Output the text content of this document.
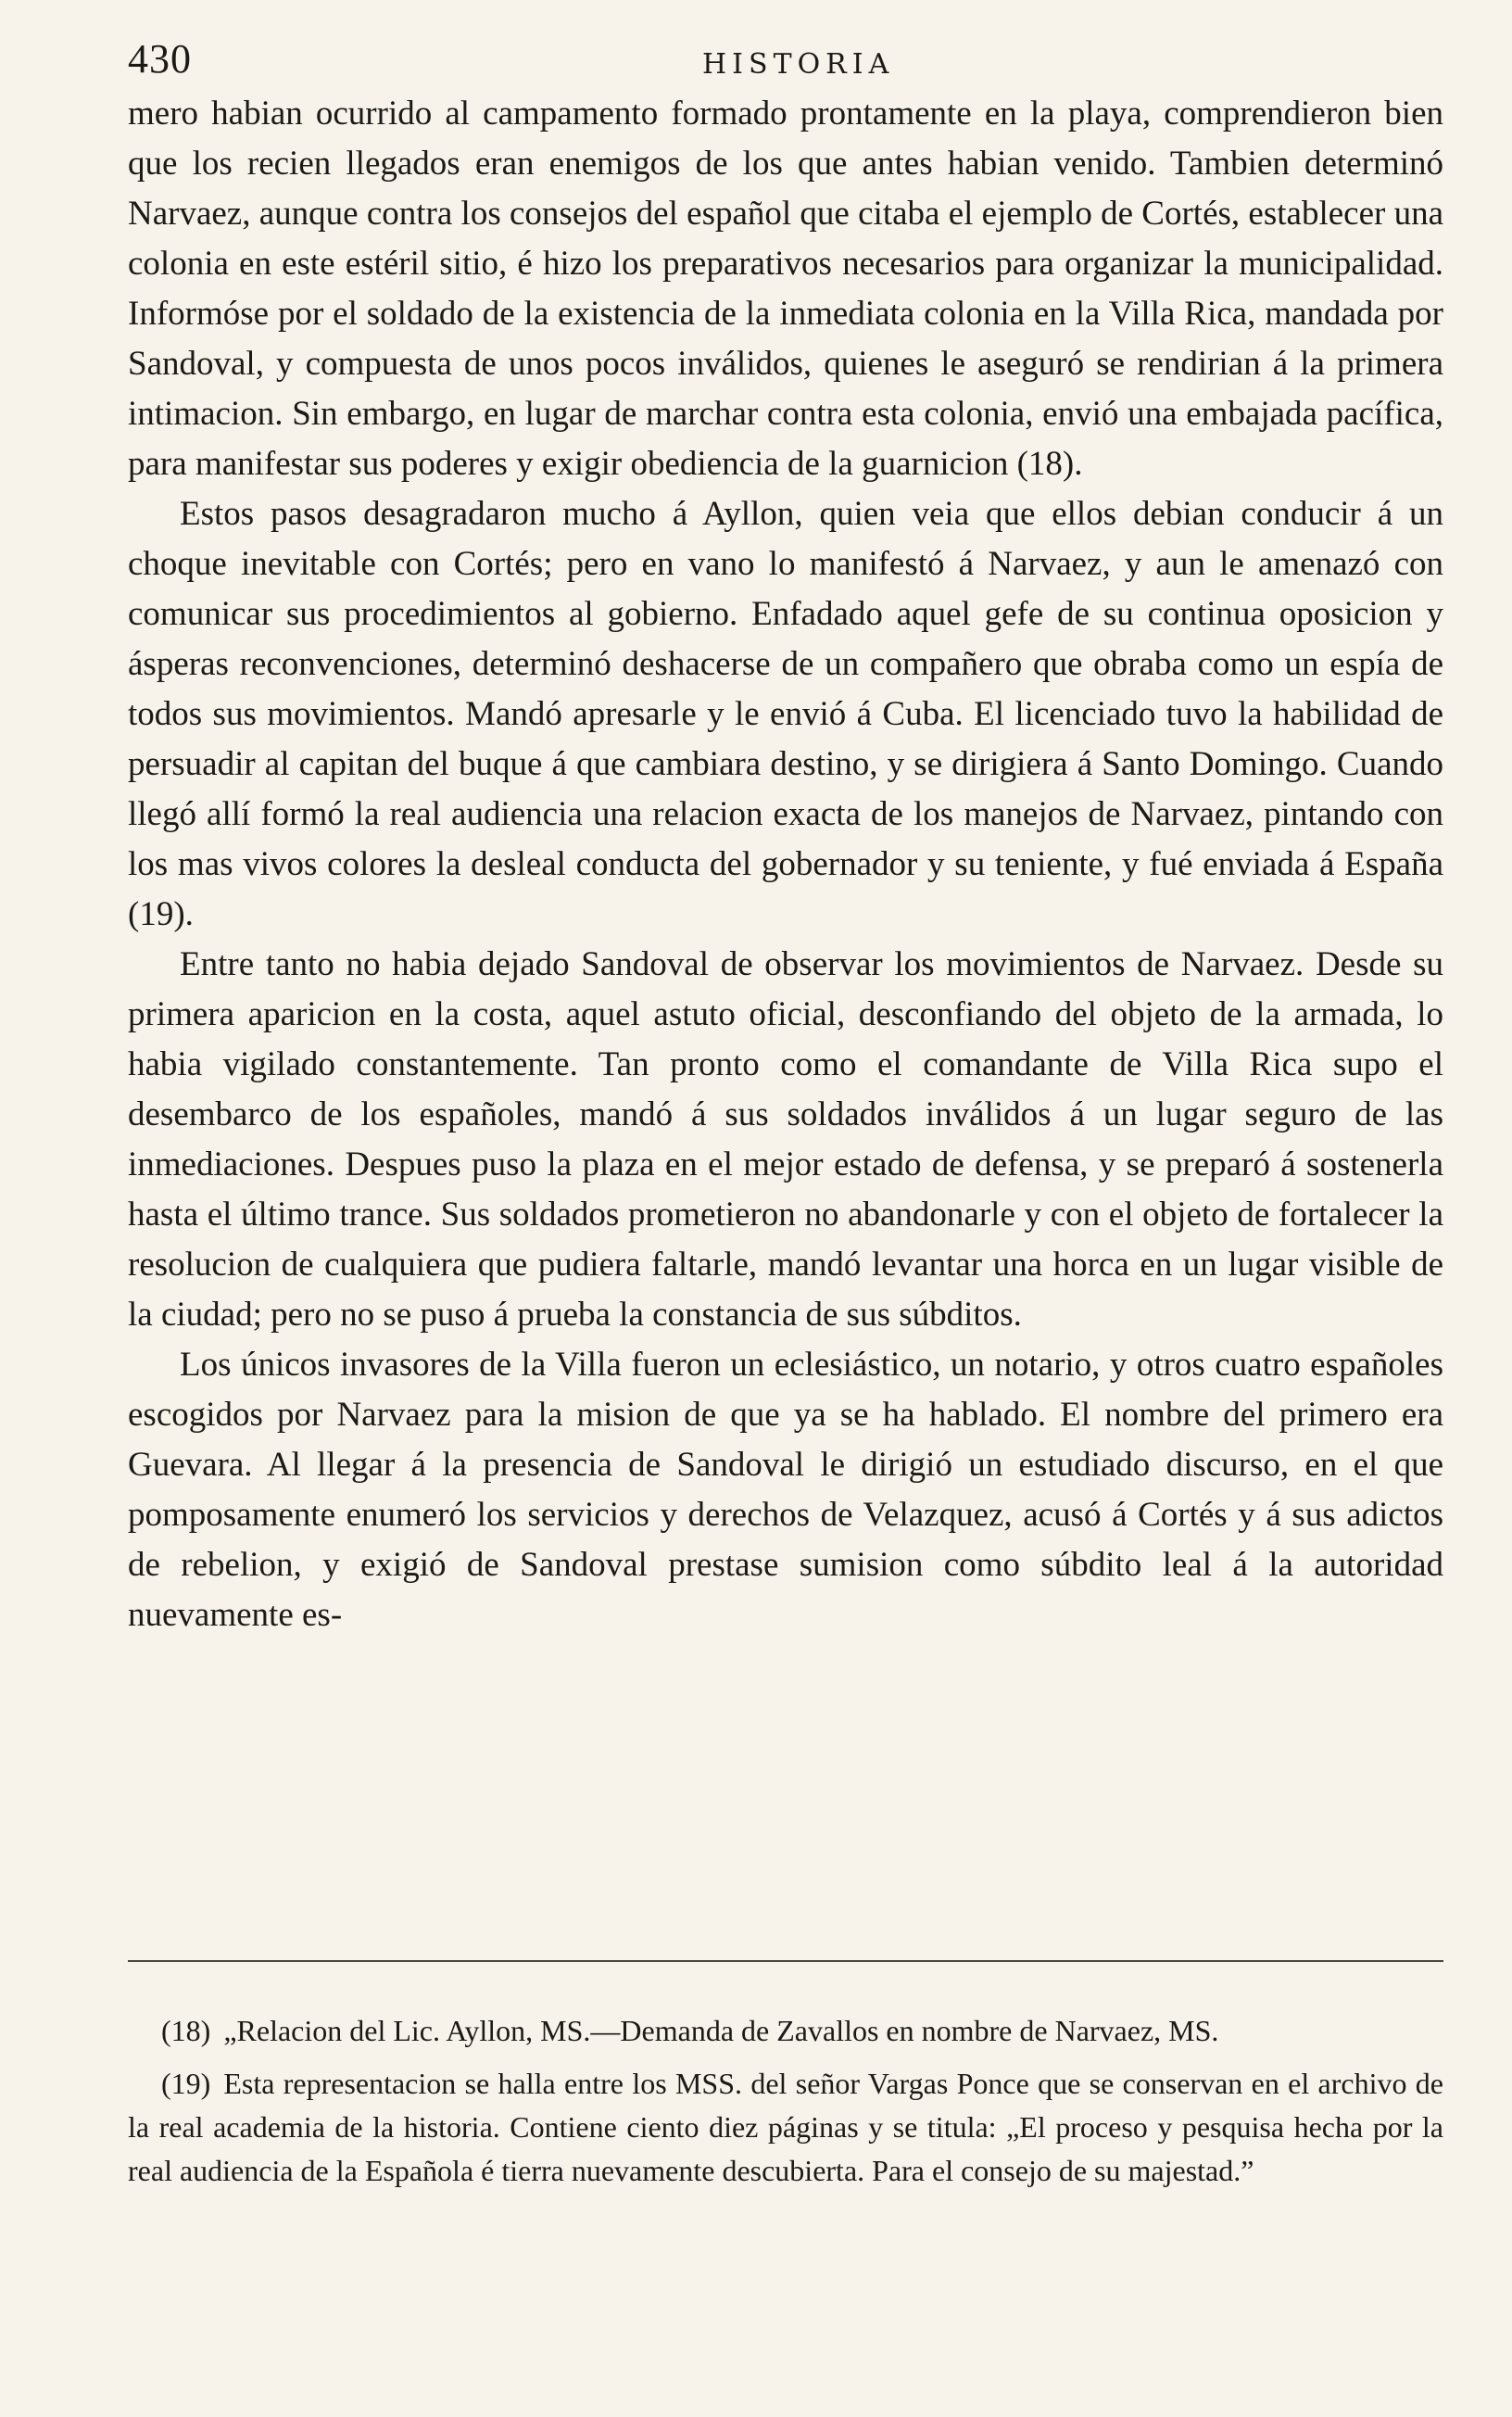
430	HISTORIA

mero habian ocurrido al campamento formado prontamente en la playa, comprendieron bien que los recien llegados eran enemigos de los que antes habian venido. Tambien determinó Narvaez, aunque contra los consejos del español que citaba el ejemplo de Cortés, establecer una colonia en este estéril sitio, é hizo los preparativos necesarios para organizar la municipalidad. Informóse por el soldado de la existencia de la inmediata colonia en la Villa Rica, mandada por Sandoval, y compuesta de unos pocos inválidos, quienes le aseguró se rendirian á la primera intimacion. Sin embargo, en lugar de marchar contra esta colonia, envió una embajada pacífica, para manifestar sus poderes y exigir obediencia de la guarnicion (18).

Estos pasos desagradaron mucho á Ayllon, quien veia que ellos debian conducir á un choque inevitable con Cortés; pero en vano lo manifestó á Narvaez, y aun le amenazó con comunicar sus procedimientos al gobierno. Enfadado aquel gefe de su continua oposicion y ásperas reconvenciones, determinó deshacerse de un compañero que obraba como un espía de todos sus movimientos. Mandó apresarle y le envió á Cuba. El licenciado tuvo la habilidad de persuadir al capitan del buque á que cambiara destino, y se dirigiera á Santo Domingo. Cuando llegó allí formó la real audiencia una relacion exacta de los manejos de Narvaez, pintando con los mas vivos colores la desleal conducta del gobernador y su teniente, y fué enviada á España (19).

Entre tanto no habia dejado Sandoval de observar los movimientos de Narvaez. Desde su primera aparicion en la costa, aquel astuto oficial, desconfiando del objeto de la armada, lo habia vigilado constantemente. Tan pronto como el comandante de Villa Rica supo el desembarco de los españoles, mandó á sus soldados inválidos á un lugar seguro de las inmediaciones. Despues puso la plaza en el mejor estado de defensa, y se preparó á sostenerla hasta el último trance. Sus soldados prometieron no abandonarle y con el objeto de fortalecer la resolucion de cualquiera que pudiera faltarle, mandó levantar una horca en un lugar visible de la ciudad; pero no se puso á prueba la constancia de sus súbditos.

Los únicos invasores de la Villa fueron un eclesiástico, un notario, y otros cuatro españoles escogidos por Narvaez para la mision de que ya se ha hablado. El nombre del primero era Guevara. Al llegar á la presencia de Sandoval le dirigió un estudiado discurso, en el que pomposamente enumeró los servicios y derechos de Velazquez, acusó á Cortés y á sus adictos de rebelion, y exigió de Sandoval prestase sumision como súbdito leal á la autoridad nuevamente es-

(18) „Relacion del Lic. Ayllon, MS.—Demanda de Zavallos en nombre de Narvaez, MS.

(19) Esta representacion se halla entre los MSS. del señor Vargas Ponce que se conservan en el archivo de la real academia de la historia. Contiene ciento diez páginas y se titula: „El proceso y pesquisa hecha por la real audiencia de la Española é tierra nuevamente descubierta. Para el consejo de su majestad.”
